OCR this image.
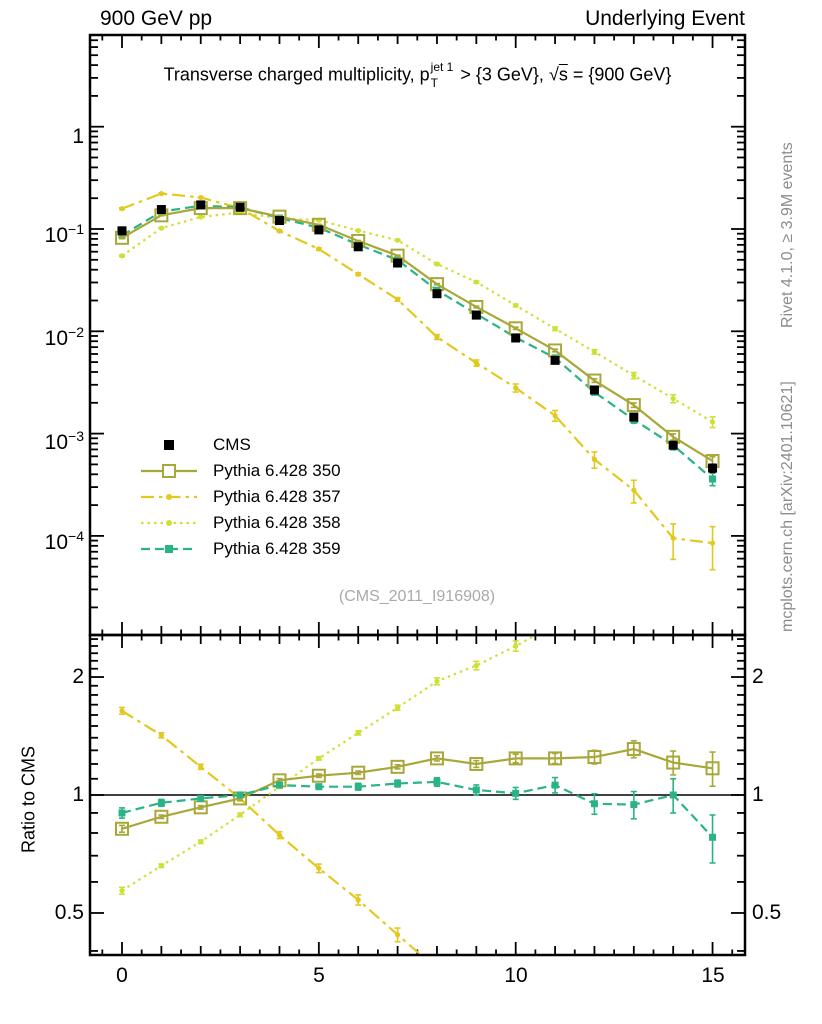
900 GeV pp	Underlying Event
Transverse charged multiplicity, p jet 1
T > {3 GeV}, √s = {900 GeV}
1
$10^{-1}$
$10^{-2}$
$10^{-3}$
$10^{-4}$
2
1
0.5
2
1
0.5
0	5	10	15
Ratio to CMS
Rivet 4.1.0, ≥ 3.9M events
mcplots.cern.ch [arXiv:2401.10621]
(CMS_2011_I916908)
CMS
Pythia 6.428 350
Pythia 6.428 357
Pythia 6.428 358
Pythia 6.428 359
